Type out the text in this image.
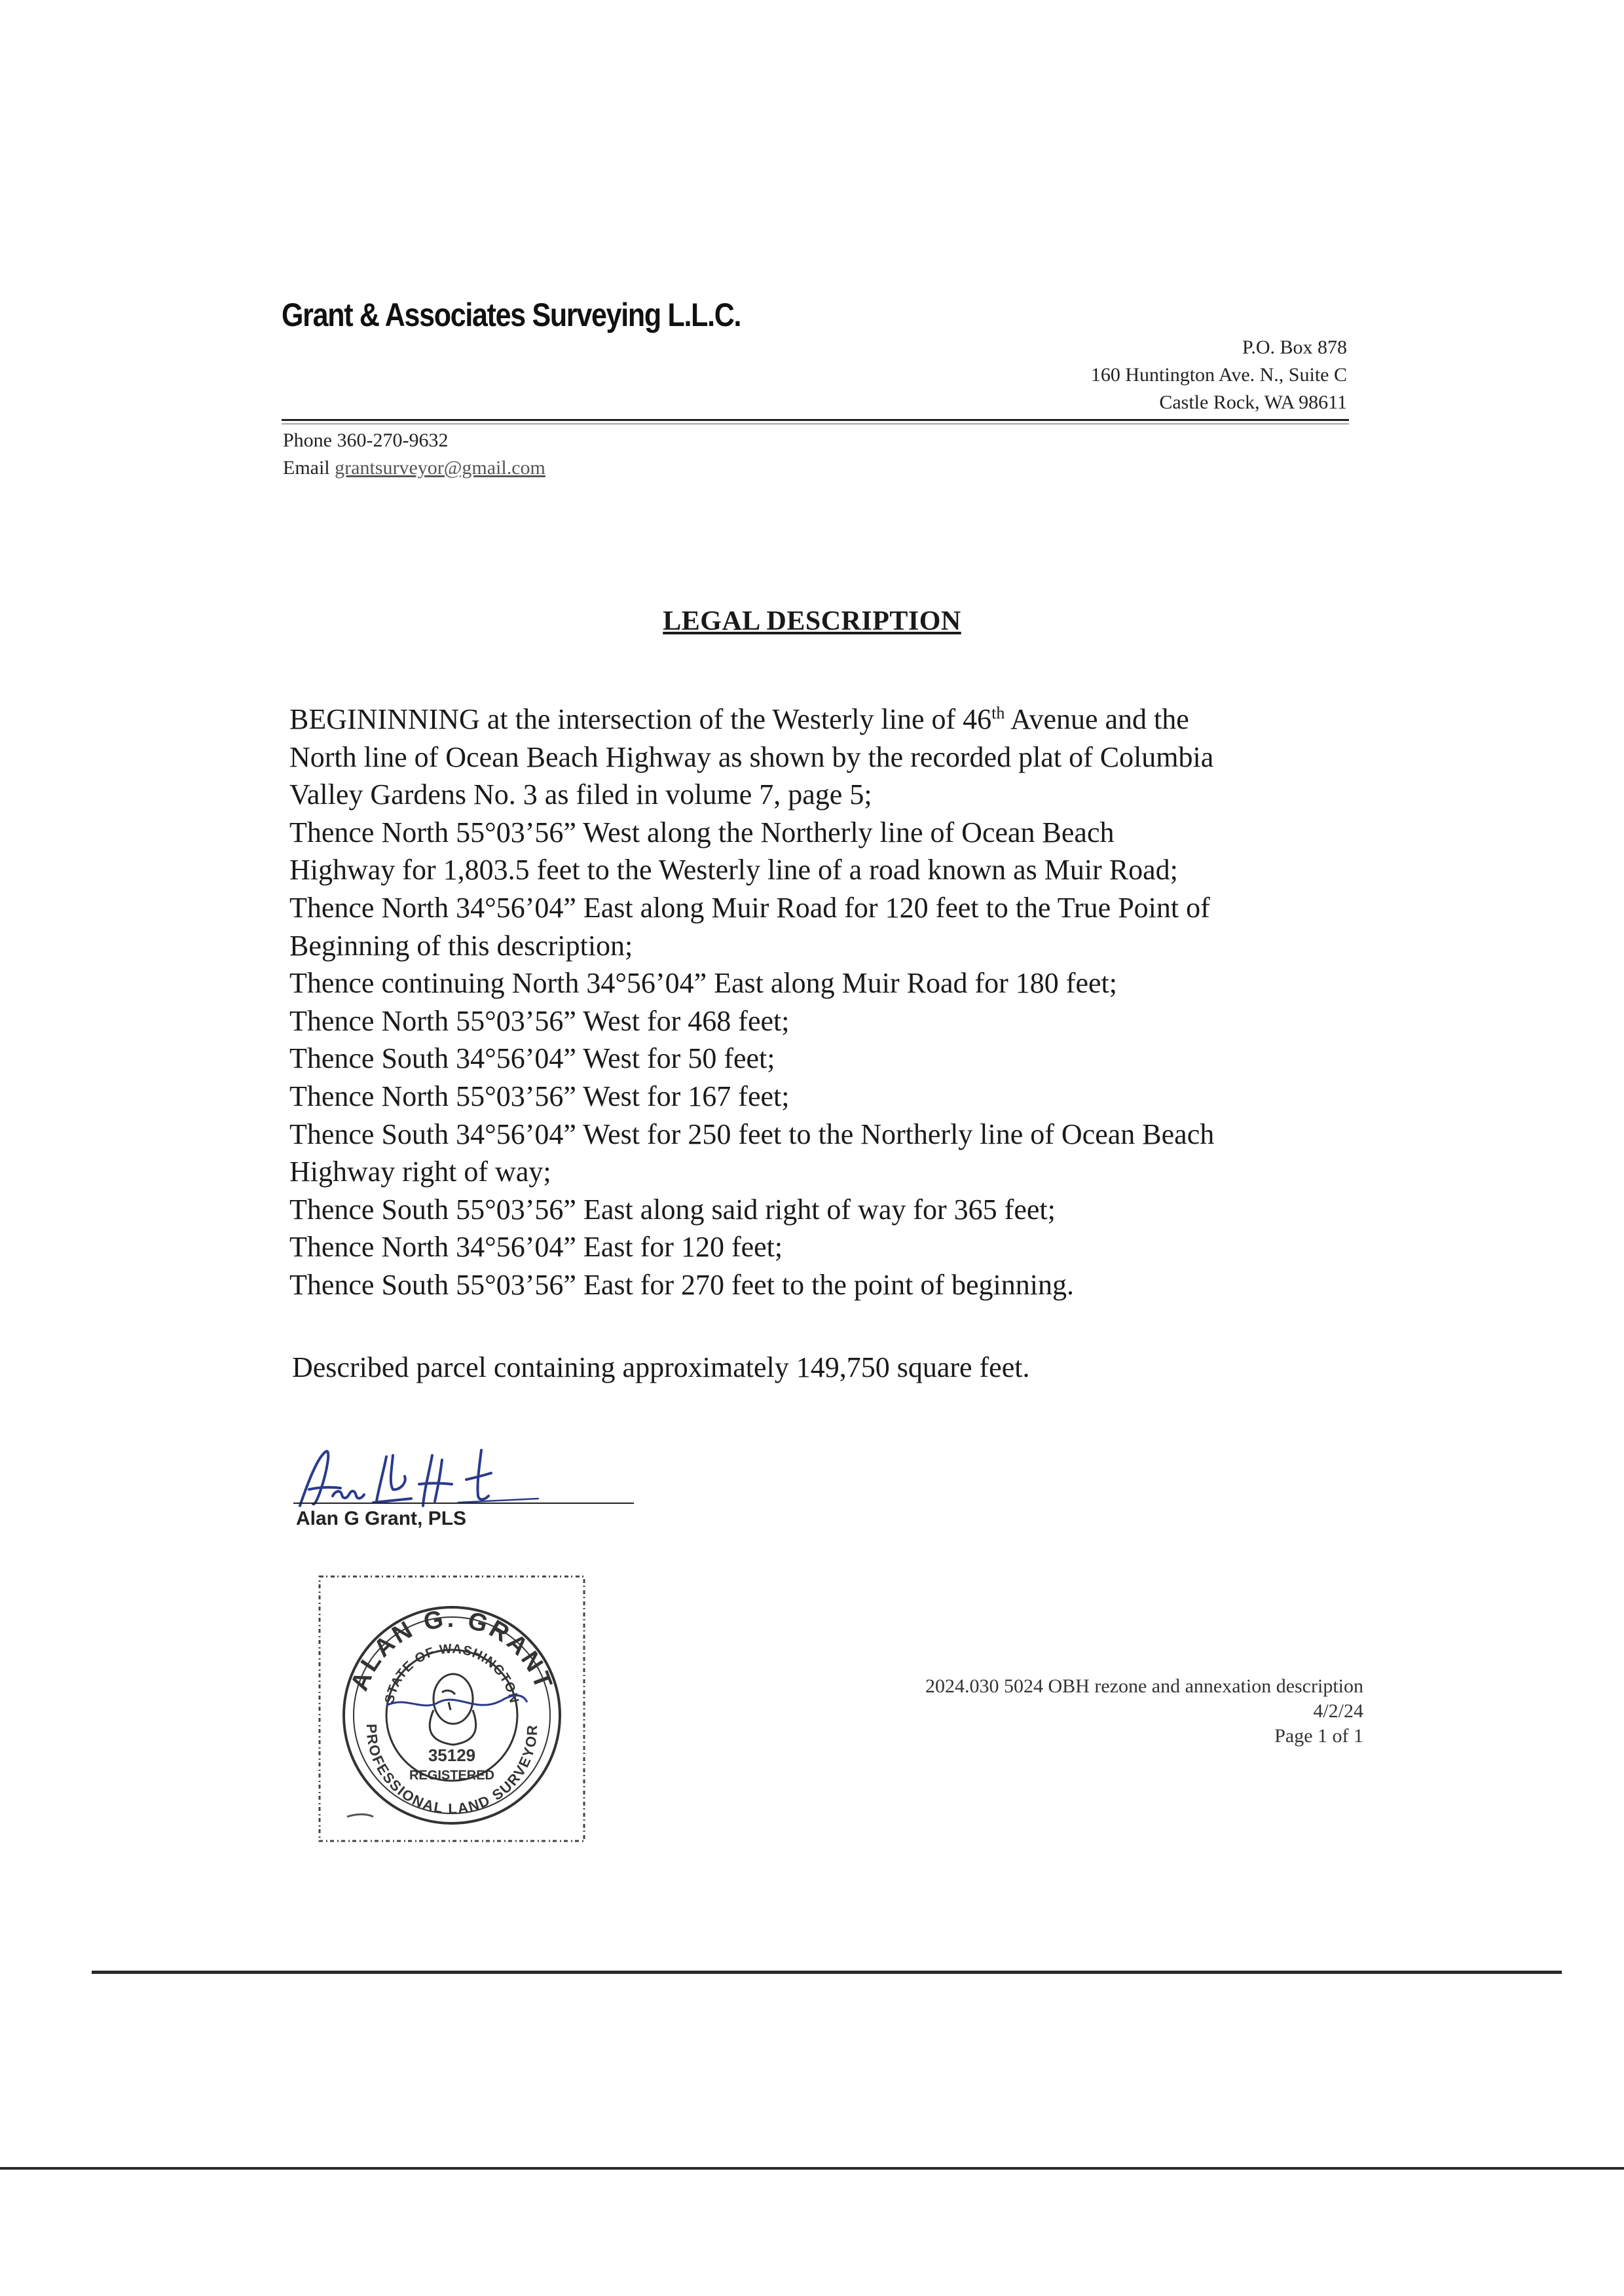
Grant & Associates Surveying L.L.C.
P.O. Box 878
160 Huntington Ave. N., Suite C
Castle Rock, WA 98611
Phone 360-270-9632
Email grantsurveyor@gmail.com
LEGAL DESCRIPTION

BEGININNING at the intersection of the Westerly line of 46th Avenue and the

North line of Ocean Beach Highway as shown by the recorded plat of Columbia

Valley Gardens No. 3 as filed in volume 7, page 5;

Thence North 55°03’56” West along the Northerly line of Ocean Beach

Highway for 1,803.5 feet to the Westerly line of a road known as Muir Road;

Thence North 34°56’04” East along Muir Road for 120 feet to the True Point of

Beginning of this description;

Thence continuing North 34°56’04” East along Muir Road for 180 feet;

Thence North 55°03’56” West for 468 feet;

Thence South 34°56’04” West for 50 feet;

Thence North 55°03’56” West for 167 feet;

Thence South 34°56’04” West for 250 feet to the Northerly line of Ocean Beach

Highway right of way;

Thence South 55°03’56” East along said right of way for 365 feet;

Thence North 34°56’04” East for 120 feet;

Thence South 55°03’56” East for 270 feet to the point of beginning.

Described parcel containing approximately 149,750 square feet.
Alan G Grant, PLS
ALAN G. GRANT
STATE OF WASHINGTON
PROFESSIONAL LAND SURVEYOR
35129
REGISTERED
2024.030 5024 OBH rezone and annexation description
4/2/24
Page 1 of 1
